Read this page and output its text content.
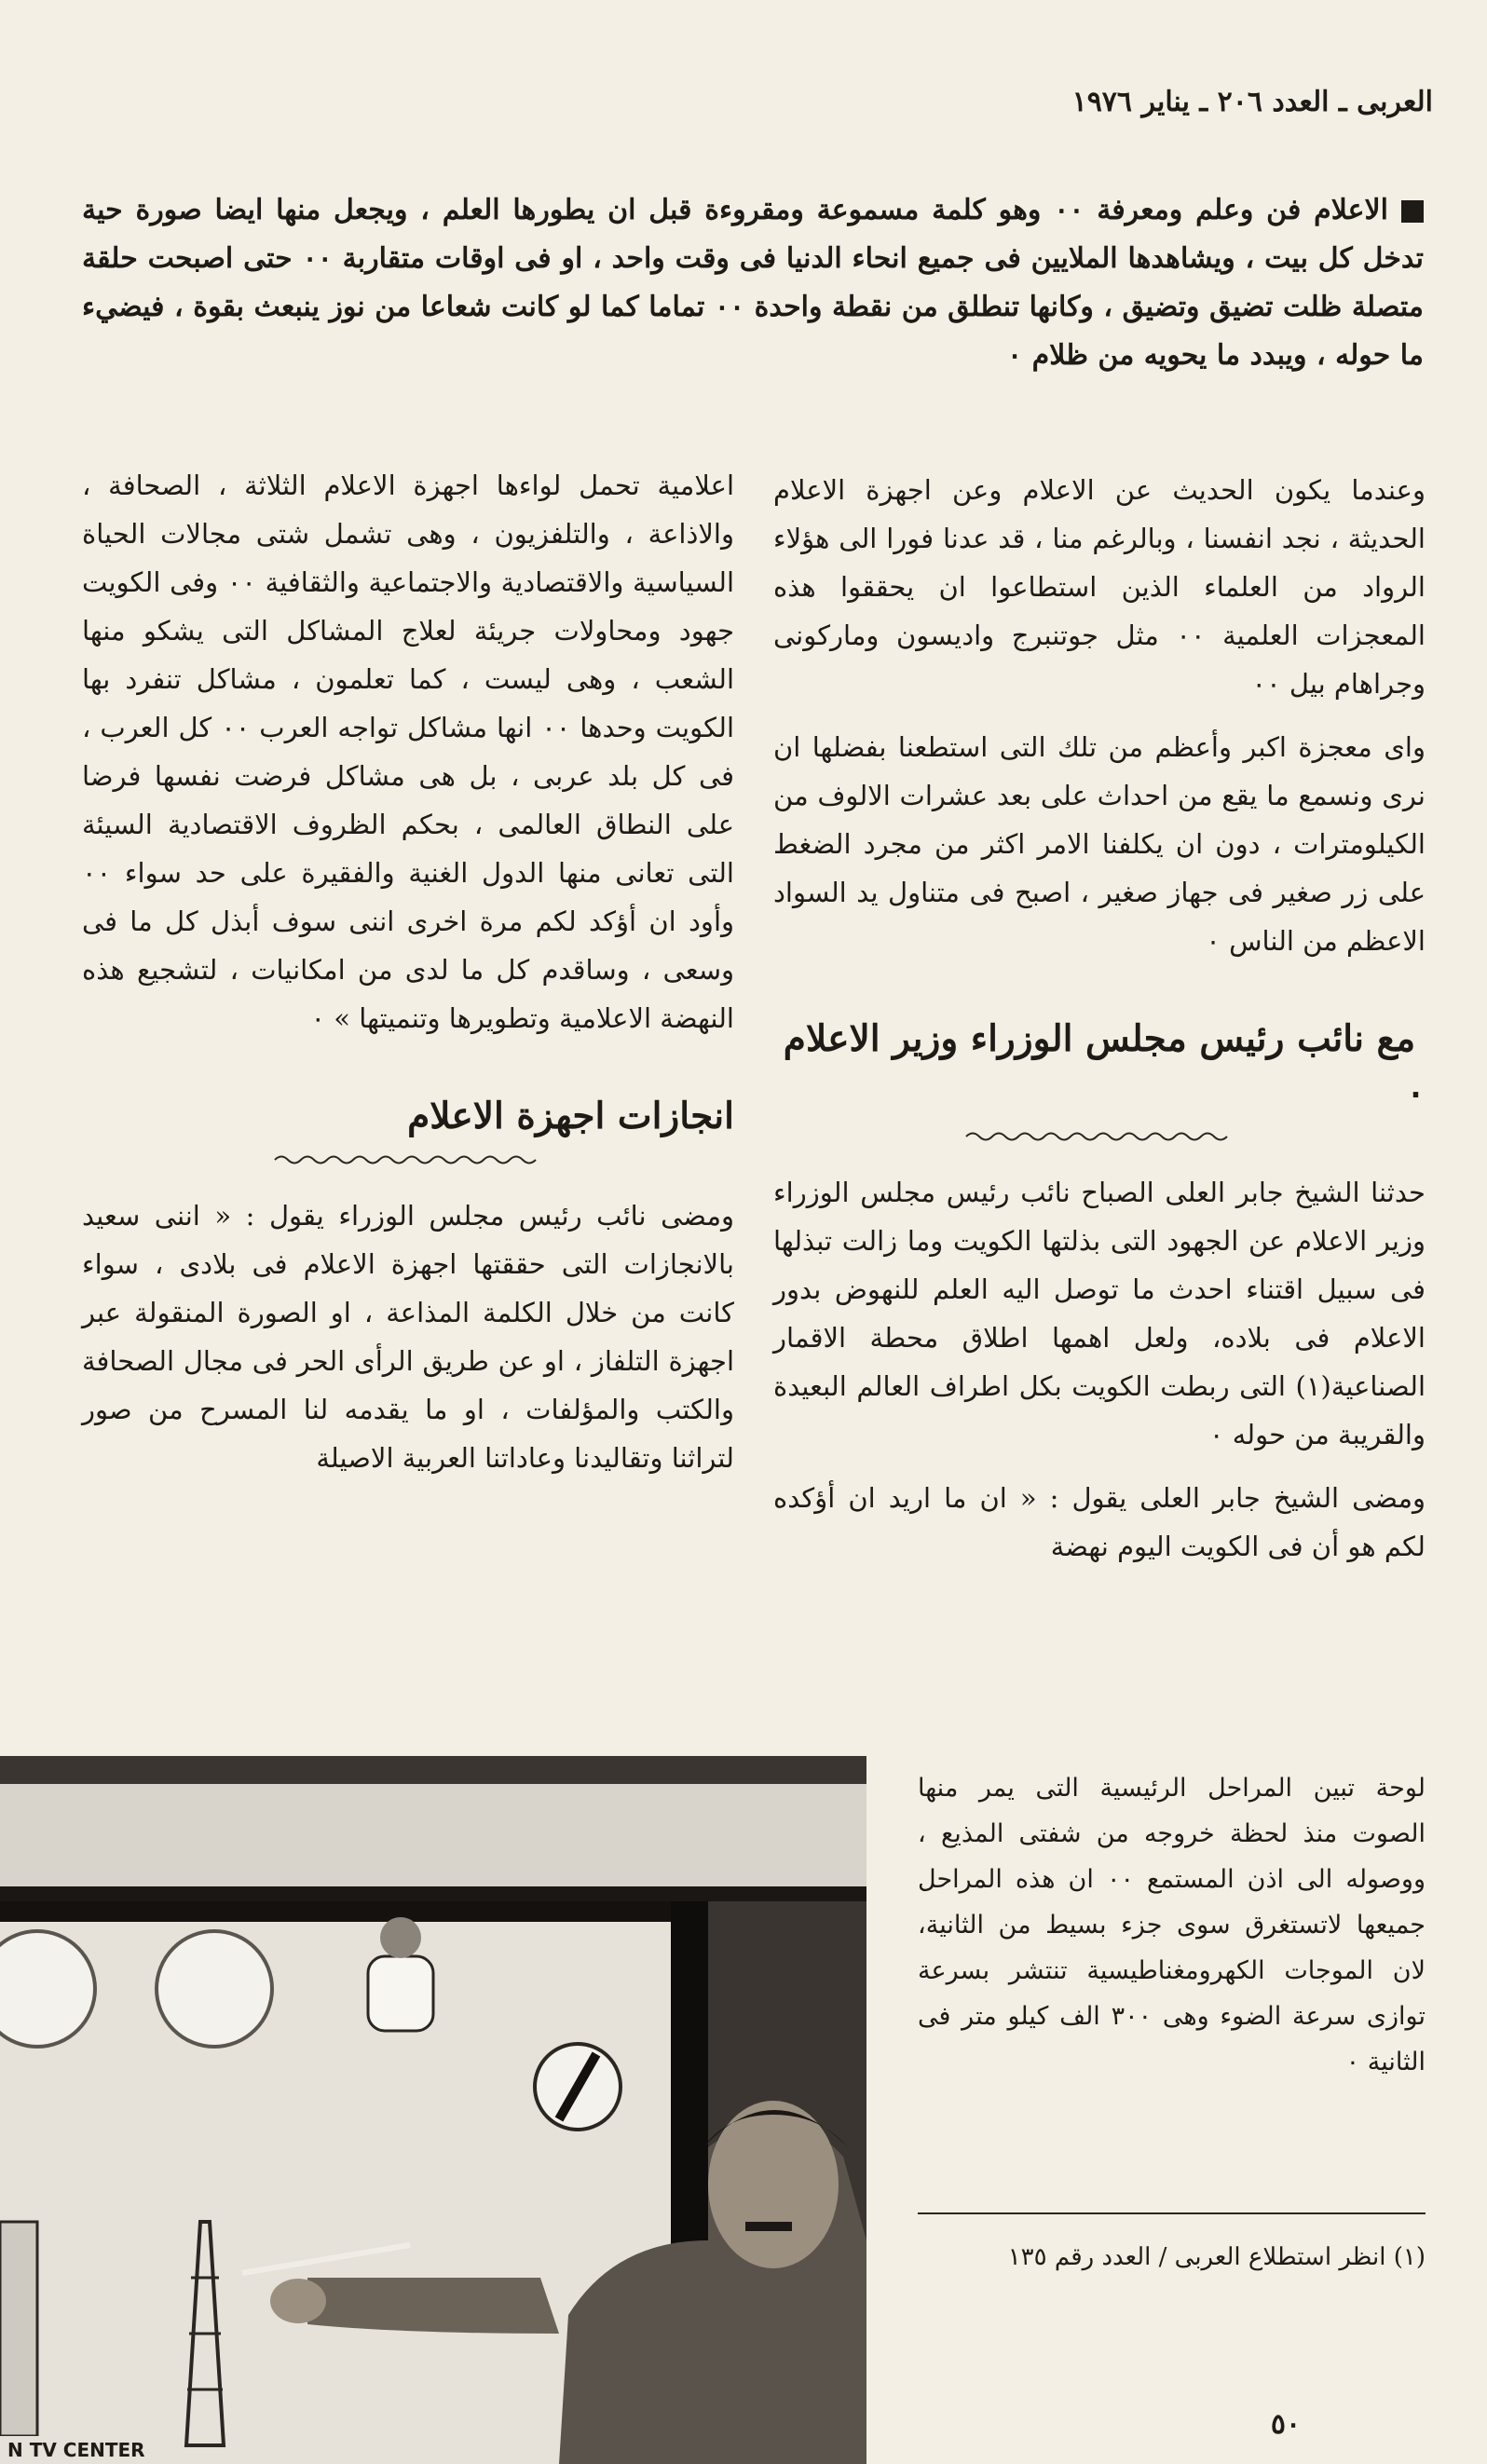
العربى ـ العدد ٢٠٦ ـ يناير ١٩٧٦
الاعلام فن وعلم ومعرفة ٠٠ وهو كلمة مسموعة ومقروءة قبل ان يطورها العلم ، ويجعل منها ايضا صورة حية تدخل كل بيت ، ويشاهدها الملايين فى جميع انحاء الدنيا فى وقت واحد ، او فى اوقات متقاربة ٠٠ حتى اصبحت حلقة متصلة ظلت تضيق وتضيق ، وكانها تنطلق من نقطة واحدة ٠٠ تماما كما لو كانت شعاعا من نوز ينبعث بقوة ، فيضيء ما حوله ، ويبدد ما يحويه من ظلام ٠

وعندما يكون الحديث عن الاعلام وعن اجهزة الاعلام الحديثة ، نجد انفسنا ، وبالرغم منا ، قد عدنا فورا الى هؤلاء الرواد من العلماء الذين استطاعوا ان يحققوا هذه المعجزات العلمية ٠٠ مثل جوتنبرج واديسون وماركونى وجراهام بيل ٠٠

واى معجزة اكبر وأعظم من تلك التى استطعنا بفضلها ان نرى ونسمع ما يقع من احداث على بعد عشرات الالوف من الكيلومترات ، دون ان يكلفنا الامر اكثر من مجرد الضغط على زر صغير فى جهاز صغير ، اصبح فى متناول يد السواد الاعظم من الناس ٠

مع نائب رئيس مجلس الوزراء وزير الاعلام ٠

حدثنا الشيخ جابر العلى الصباح نائب رئيس مجلس الوزراء وزير الاعلام عن الجهود التى بذلتها الكويت وما زالت تبذلها فى سبيل اقتناء احدث ما توصل اليه العلم للنهوض بدور الاعلام فى بلاده، ولعل اهمها اطلاق محطة الاقمار الصناعية(١) التى ربطت الكويت بكل اطراف العالم البعيدة والقريبة من حوله ٠

ومضى الشيخ جابر العلى يقول : « ان ما اريد ان أؤكده لكم هو أن فى الكويت اليوم نهضة

اعلامية تحمل لواءها اجهزة الاعلام الثلاثة ، الصحافة ، والاذاعة ، والتلفزيون ، وهى تشمل شتى مجالات الحياة السياسية والاقتصادية والاجتماعية والثقافية ٠٠ وفى الكويت جهود ومحاولات جريئة لعلاج المشاكل التى يشكو منها الشعب ، وهى ليست ، كما تعلمون ، مشاكل تنفرد بها الكويت وحدها ٠٠ انها مشاكل تواجه العرب ٠٠ كل العرب ، فى كل بلد عربى ، بل هى مشاكل فرضت نفسها فرضا على النطاق العالمى ، بحكم الظروف الاقتصادية السيئة التى تعانى منها الدول الغنية والفقيرة على حد سواء ٠٠ وأود ان أؤكد لكم مرة اخرى اننى سوف أبذل كل ما فى وسعى ، وساقدم كل ما لدى من امكانيات ، لتشجيع هذه النهضة الاعلامية وتطويرها وتنميتها » ٠

انجازات اجهزة الاعلام

ومضى نائب رئيس مجلس الوزراء يقول : « اننى سعيد بالانجازات التى حققتها اجهزة الاعلام فى بلادى ، سواء كانت من خلال الكلمة المذاعة ، او الصورة المنقولة عبر اجهزة التلفاز ، او عن طريق الرأى الحر فى مجال الصحافة والكتب والمؤلفات ، او ما يقدمه لنا المسرح من صور لتراثنا وتقاليدنا وعاداتنا العربية الاصيلة

N TV CENTER
لوحة تبين المراحل الرئيسية التى يمر منها الصوت منذ لحظة خروجه من شفتى المذيع ، ووصوله الى اذن المستمع ٠٠ ان هذه المراحل جميعها لاتستغرق سوى جزء بسيط من الثانية، لان الموجات الكهرومغناطيسية تنتشر بسرعة توازى سرعة الضوء وهى ٣٠٠ الف كيلو متر فى الثانية ٠
(١) انظر استطلاع العربى / العدد رقم ١٣٥
٥٠
